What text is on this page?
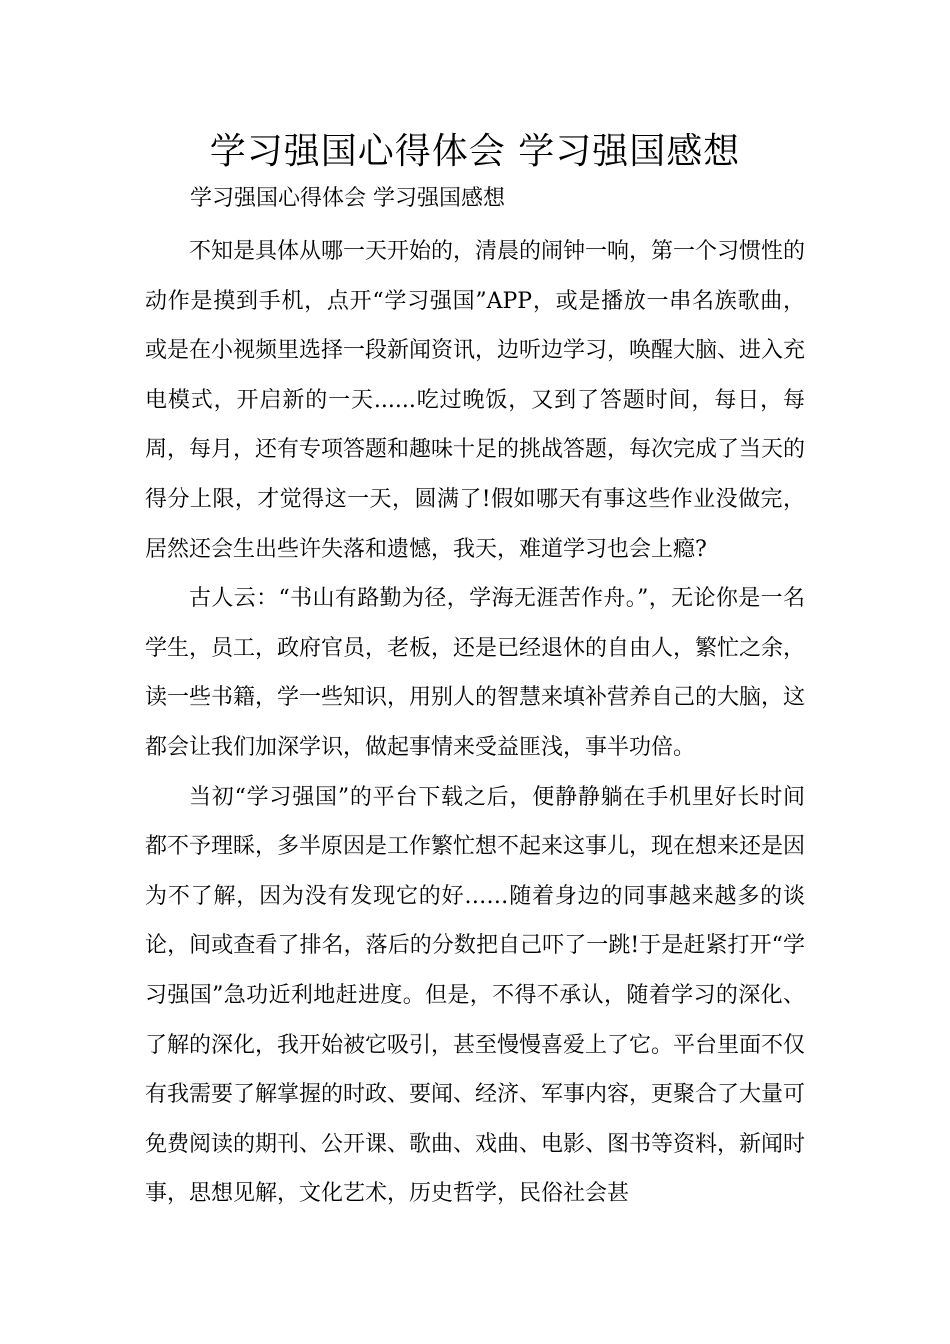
学习强国心得体会 学习强国感想

学习强国心得体会 学习强国感想

不知是具体从哪一天开始的，清晨的闹钟一响，第一个习惯性的动作是摸到手机，点开“学习强国”APP，或是播放一串名族歌曲，或是在小视频里选择一段新闻资讯，边听边学习，唤醒大脑、进入充电模式，开启新的一天......吃过晚饭，又到了答题时间，每日，每周，每月，还有专项答题和趣味十足的挑战答题，每次完成了当天的得分上限，才觉得这一天，圆满了!假如哪天有事这些作业没做完，居然还会生出些许失落和遗憾，我天，难道学习也会上瘾?

古人云：“书山有路勤为径，学海无涯苦作舟。”，无论你是一名学生，员工，政府官员，老板，还是已经退休的自由人，繁忙之余，读一些书籍，学一些知识，用别人的智慧来填补营养自己的大脑，这都会让我们加深学识，做起事情来受益匪浅，事半功倍。

当初“学习强国”的平台下载之后，便静静躺在手机里好长时间都不予理睬，多半原因是工作繁忙想不起来这事儿，现在想来还是因为不了解，因为没有发现它的好……随着身边的同事越来越多的谈论，间或查看了排名，落后的分数把自己吓了一跳!于是赶紧打开“学习强国”急功近利地赶进度。但是，不得不承认，随着学习的深化、了解的深化，我开始被它吸引，甚至慢慢喜爱上了它。平台里面不仅有我需要了解掌握的时政、要闻、经济、军事内容，更聚合了大量可免费阅读的期刊、公开课、歌曲、戏曲、电影、图书等资料，新闻时事，思想见解，文化艺术，历史哲学，民俗社会甚
